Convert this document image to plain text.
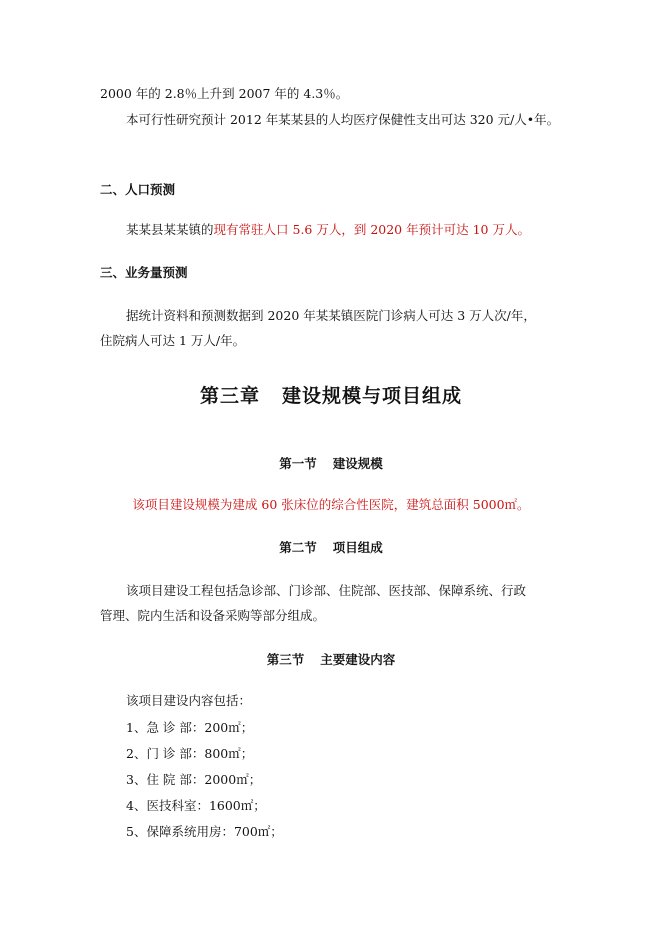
2000 年的 2.8％上升到 2007 年的 4.3％。
本可行性研究预计 2012 年某某县的人均医疗保健性支出可达 320 元/人•年。
二、人口预测
某某县某某镇的现有常驻人口 5.6 万人，到 2020 年预计可达 10 万人。
三、业务量预测
据统计资料和预测数据到 2020 年某某镇医院门诊病人可达 3 万人次/年，
住院病人可达 1 万人/年。
第三章 建设规模与项目组成
第一节 建设规模
该项目建设规模为建成 60 张床位的综合性医院，建筑总面积 5000㎡。
第二节 项目组成
该项目建设工程包括急诊部、门诊部、住院部、医技部、保障系统、行政
管理、院内生活和设备采购等部分组成。
第三节 主要建设内容
该项目建设内容包括：
1、急 诊 部：200㎡；
2、门 诊 部：800㎡；
3、住 院 部：2000㎡；
4、医技科室：1600㎡；
5、保障系统用房：700㎡；
